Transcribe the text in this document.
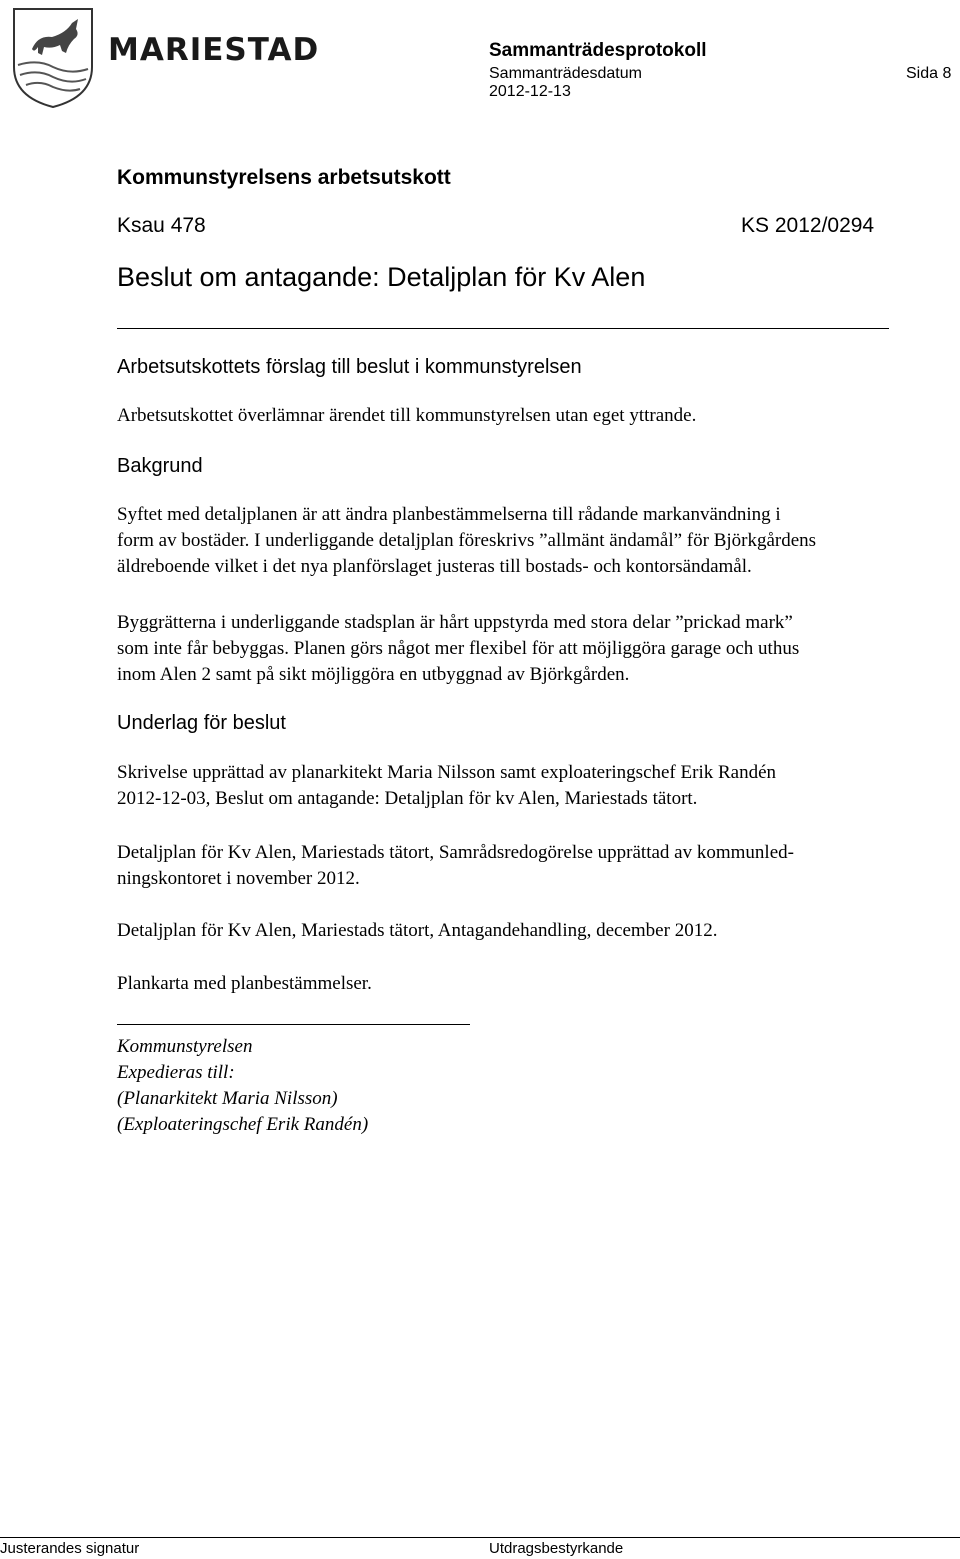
MARIESTAD	Sammanträdesprotokoll
Sammanträdesdatum
2012-12-13
Sida 8
Kommunstyrelsens arbetsutskott
Ksau 478	KS 2012/0294
Beslut om antagande: Detaljplan för Kv Alen
Arbetsutskottets förslag till beslut i kommunstyrelsen
Arbetsutskottet överlämnar ärendet till kommunstyrelsen utan eget yttrande.
Bakgrund
Syftet med detaljplanen är att ändra planbestämmelserna till rådande markanvändning i
form av bostäder. I underliggande detaljplan föreskrivs ”allmänt ändamål” för Björkgårdens
äldreboende vilket i det nya planförslaget justeras till bostads- och kontorsändamål.
Byggrätterna i underliggande stadsplan är hårt uppstyrda med stora delar ”prickad mark”
som inte får bebyggas. Planen görs något mer flexibel för att möjliggöra garage och uthus
inom Alen 2 samt på sikt möjliggöra en utbyggnad av Björkgården.
Underlag för beslut
Skrivelse upprättad av planarkitekt Maria Nilsson samt exploateringschef Erik Randén
2012-12-03, Beslut om antagande: Detaljplan för kv Alen, Mariestads tätort.
Detaljplan för Kv Alen, Mariestads tätort, Samrådsredogörelse upprättad av kommunled-
ningskontoret i november 2012.
Detaljplan för Kv Alen, Mariestads tätort, Antagandehandling, december 2012.
Plankarta med planbestämmelser.
Kommunstyrelsen
Expedieras till:
(Planarkitekt Maria Nilsson)
(Exploateringschef Erik Randén)
Justerandes signatur	Utdragsbestyrkande
